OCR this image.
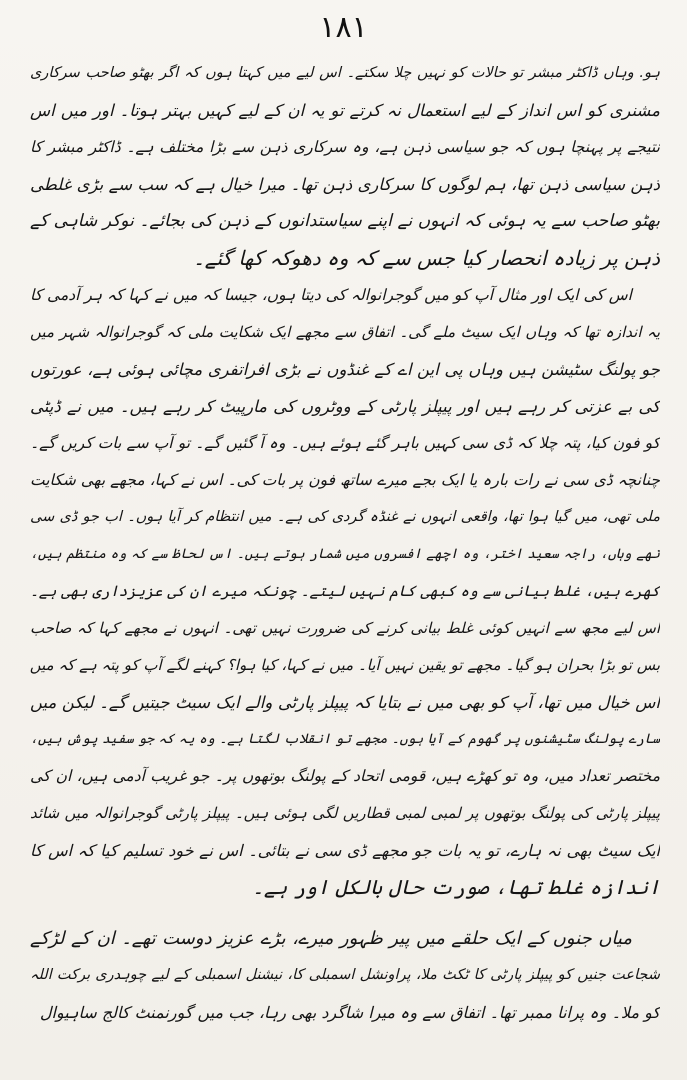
۱۸۱
ہو. وہاں ڈاکٹر مبشر تو حالات کو نہیں چلا سکتے۔ اس لیے میں کہتا ہوں کہ اگر بھٹو صاحب سرکاری
مشنری کو اس انداز کے لیے استعمال نہ کرتے تو یہ ان کے لیے کہیں بہتر ہوتا۔ اور میں اس
نتیجے پر پہنچا ہوں کہ جو سیاسی ذہن ہے، وہ سرکاری ذہن سے بڑا مختلف ہے۔ ڈاکٹر مبشر کا
ذہن سیاسی ذہن تھا، ہم لوگوں کا سرکاری ذہن تھا۔ میرا خیال ہے کہ سب سے بڑی غلطی
بھٹو صاحب سے یہ ہوئی کہ انہوں نے اپنے سیاستدانوں کے ذہن کی بجائے۔ نوکر شاہی کے
ذہن پر زیادہ انحصار کیا جس سے کہ وہ دھوکہ کھا گئے۔
اس کی ایک اور مثال آپ کو میں گوجرانوالہ کی دیتا ہوں، جیسا کہ میں نے کہا کہ ہر آدمی کا
یہ اندازہ تھا کہ وہاں ایک سیٹ ملے گی۔ اتفاق سے مجھے ایک شکایت ملی کہ گوجرانوالہ شہر میں
جو پولنگ سٹیشن ہیں وہاں پی این اے کے غنڈوں نے بڑی افراتفری مچائی ہوئی ہے، عورتوں
کی بے عزتی کر رہے ہیں اور پیپلز پارٹی کے ووٹروں کی مارپیٹ کر رہے ہیں۔ میں نے ڈپٹی
کو فون کیا، پتہ چلا کہ ڈی سی کہیں باہر گئے ہوئے ہیں۔ وہ آ گئیں گے۔ تو آپ سے بات کریں گے۔
چنانچہ ڈی سی نے رات بارہ یا ایک بجے میرے ساتھ فون پر بات کی۔ اس نے کہا، مجھے بھی شکایت
ملی تھی، میں گیا ہوا تھا، واقعی انہوں نے غنڈہ گردی کی ہے۔ میں انتظام کر آیا ہوں۔ اب جو ڈی سی
تھے وہاں، راجہ سعید اختر، وہ اچھے افسروں میں شمار ہوتے ہیں۔ اس لحاظ سے کہ وہ منتظم ہیں،
کھرے ہیں، غلط بیانی سے وہ کبھی کام نہیں لیتے۔ چونکہ میرے ان کی عزیزداری بھی ہے۔
اس لیے مجھ سے انہیں کوئی غلط بیانی کرنے کی ضرورت نہیں تھی۔ انہوں نے مجھے کہا کہ صاحب
بس تو بڑا بحران ہو گیا۔ مجھے تو یقین نہیں آیا۔ میں نے کہا، کیا ہوا؟ کہنے لگے آپ کو پتہ ہے کہ میں
اس خیال میں تھا، آپ کو بھی میں نے بتایا کہ پیپلز پارٹی والے ایک سیٹ جیتیں گے۔ لیکن میں
سارے پولنگ سٹیشنوں پر گھوم کے آیا ہوں۔ مجھے تو انقلاب لگتا ہے۔ وہ یہ کہ جو سفید پوش ہیں،
مختصر تعداد میں، وہ تو کھڑے ہیں، قومی اتحاد کے پولنگ بوتھوں پر۔ جو غریب آدمی ہیں، ان کی
پیپلز پارٹی کی پولنگ بوتھوں پر لمبی لمبی قطاریں لگی ہوئی ہیں۔ پیپلز پارٹی گوجرانوالہ میں شائد
ایک سیٹ بھی نہ ہارے، تو یہ بات جو مجھے ڈی سی نے بتائی۔ اس نے خود تسلیم کیا کہ اس کا
اندازہ غلط تھا، صورت حال بالکل اور ہے۔
میاں جنوں کے ایک حلقے میں پیر ظہور میرے، بڑے عزیز دوست تھے۔ ان کے لڑکے
شجاعت جنیں کو پیپلز پارٹی کا ٹکٹ ملا، پراونشل اسمبلی کا، نیشنل اسمبلی کے لیے چوہدری برکت اللہ
کو ملا۔ وہ پرانا ممبر تھا۔ اتفاق سے وہ میرا شاگرد بھی رہا، جب میں گورنمنٹ کالج ساہیوال
